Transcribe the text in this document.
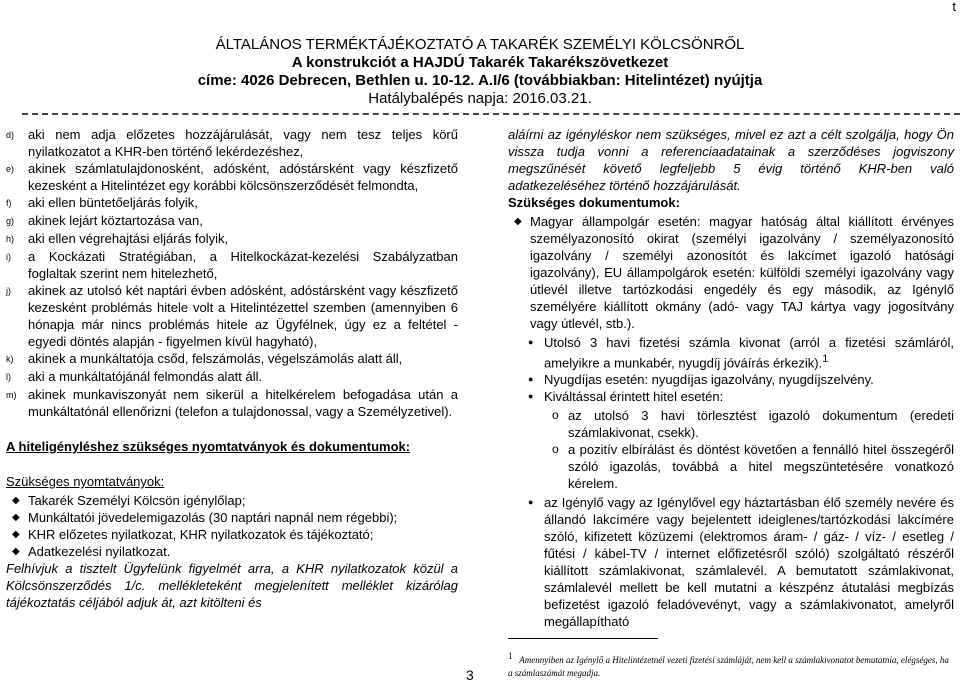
t
ÁLTALÁNOS TERMÉKTÁJÉKOZTATÓ A TAKARÉK SZEMÉLYI KÖLCSÖNRŐL
A konstrukciót a HAJDÚ Takarék Takarékszövetkezet
címe: 4026 Debrecen, Bethlen u. 10-12. A.I/6 (továbbiakban: Hitelintézet) nyújtja
Hatálybalépés napja: 2016.03.21.
d)	aki nem adja előzetes hozzájárulását, vagy nem tesz teljes körű nyilatkozatot a KHR-ben történő lekérdezéshez,
e)	akinek számlatulajdonosként, adósként, adóstársként vagy készfizető kezesként a Hitelintézet egy korábbi kölcsönszerződését felmondta,
f)	aki ellen büntetőeljárás folyik,
g)	akinek lejárt köztartozása van,
h)	aki ellen végrehajtási eljárás folyik,
i)	a Kockázati Stratégiában, a Hitelkockázat-kezelési Szabályzatban foglaltak szerint nem hitelezhető,
j)	akinek az utolsó két naptári évben adósként, adóstársként vagy készfizető kezesként problémás hitele volt a Hitelintézettel szemben (amennyiben 6 hónapja már nincs problémás hitele az Ügyfélnek, úgy ez a feltétel - egyedi döntés alapján - figyelmen kívül hagyható),
k)	akinek a munkáltatója csőd, felszámolás, végelszámolás alatt áll,
l)	aki a munkáltatójánál felmondás alatt áll.
m) akinek munkaviszonyát nem sikerül a hitelkérelem befogadása után a munkáltatónál ellenőrizni (telefon a tulajdonossal, vagy a Személyzetivel).
A hiteligényléshez szükséges nyomtatványok és dokumentumok:
Szükséges nyomtatványok:
◆ Takarék Személyi Kölcsön igénylőlap;
◆ Munkáltatói jövedelemigazolás (30 naptári napnál nem régebbi);
◆ KHR előzetes nyilatkozat, KHR nyilatkozatok és tájékoztató;
◆ Adatkezelési nyilatkozat.
Felhívjuk a tisztelt Ügyfelünk figyelmét arra, a KHR nyilatkozatok közül a Kölcsönszerződés 1/c. mellékleteként megjelenített melléklet kizárólag tájékoztatás céljából adjuk át, azt kitölteni és
aláírni az igényléskor nem szükséges, mivel ez azt a célt szolgálja, hogy Ön vissza tudja vonni a referenciaadatainak a szerződéses jogviszony megszűnését követő legfeljebb 5 évig történő KHR-ben való adatkezeléséhez történő hozzájárulását.
Szükséges dokumentumok:
◆ Magyar állampolgár esetén: magyar hatóság által kiállított érvényes személyazonosító okirat (személyi igazolvány / személyazonosító igazolvány / személyi azonosítót és lakcímet igazoló hatósági igazolvány), EU állampolgárok esetén: külföldi személyi igazolvány vagy útlevél illetve tartózkodási engedély és egy második, az Igénylő személyére kiállított okmány (adó- vagy TAJ kártya vagy jogosítvány vagy útlevél, stb.).
● Utolsó 3 havi fizetési számla kivonat (arról a fizetési számláról, amelyikre a munkabér, nyugdíj jóváírás érkezik).$^1$
● Nyugdíjas esetén: nyugdíjas igazolvány, nyugdíjszelvény.
● Kiváltással érintett hitel esetén:
o az utolsó 3 havi törlesztést igazoló dokumentum (eredeti számlakivonat, csekk).
o a pozitív elbírálást és döntést követően a fennálló hitel összegéről szóló igazolás, továbbá a hitel megszüntetésére vonatkozó kérelem.
● az Igénylő vagy az Igénylővel egy háztartásban élő személy nevére és állandó lakcímére vagy bejelentett ideiglenes/tartózkodási lakcímére szóló, kifizetett közüzemi (elektromos áram- / gáz- / víz- / esetleg / fűtési / kábel-TV / internet előfizetésről szóló) szolgáltató részéről kiállított számlakivonat, számlalevél. A bemutatott számlakivonat, számlalevél mellett be kell mutatni a készpénz átutalási megbízás befizetést igazoló feladóvevényt, vagy a számlakivonatot, amelyről megállapítható
$^1$ Amennyiben az Igénylő a Hitelintézetnél vezeti fizetési számláját, nem kell a számlakivonatot bemutatnia, elégséges, ha a számlaszámát megadja.
3
